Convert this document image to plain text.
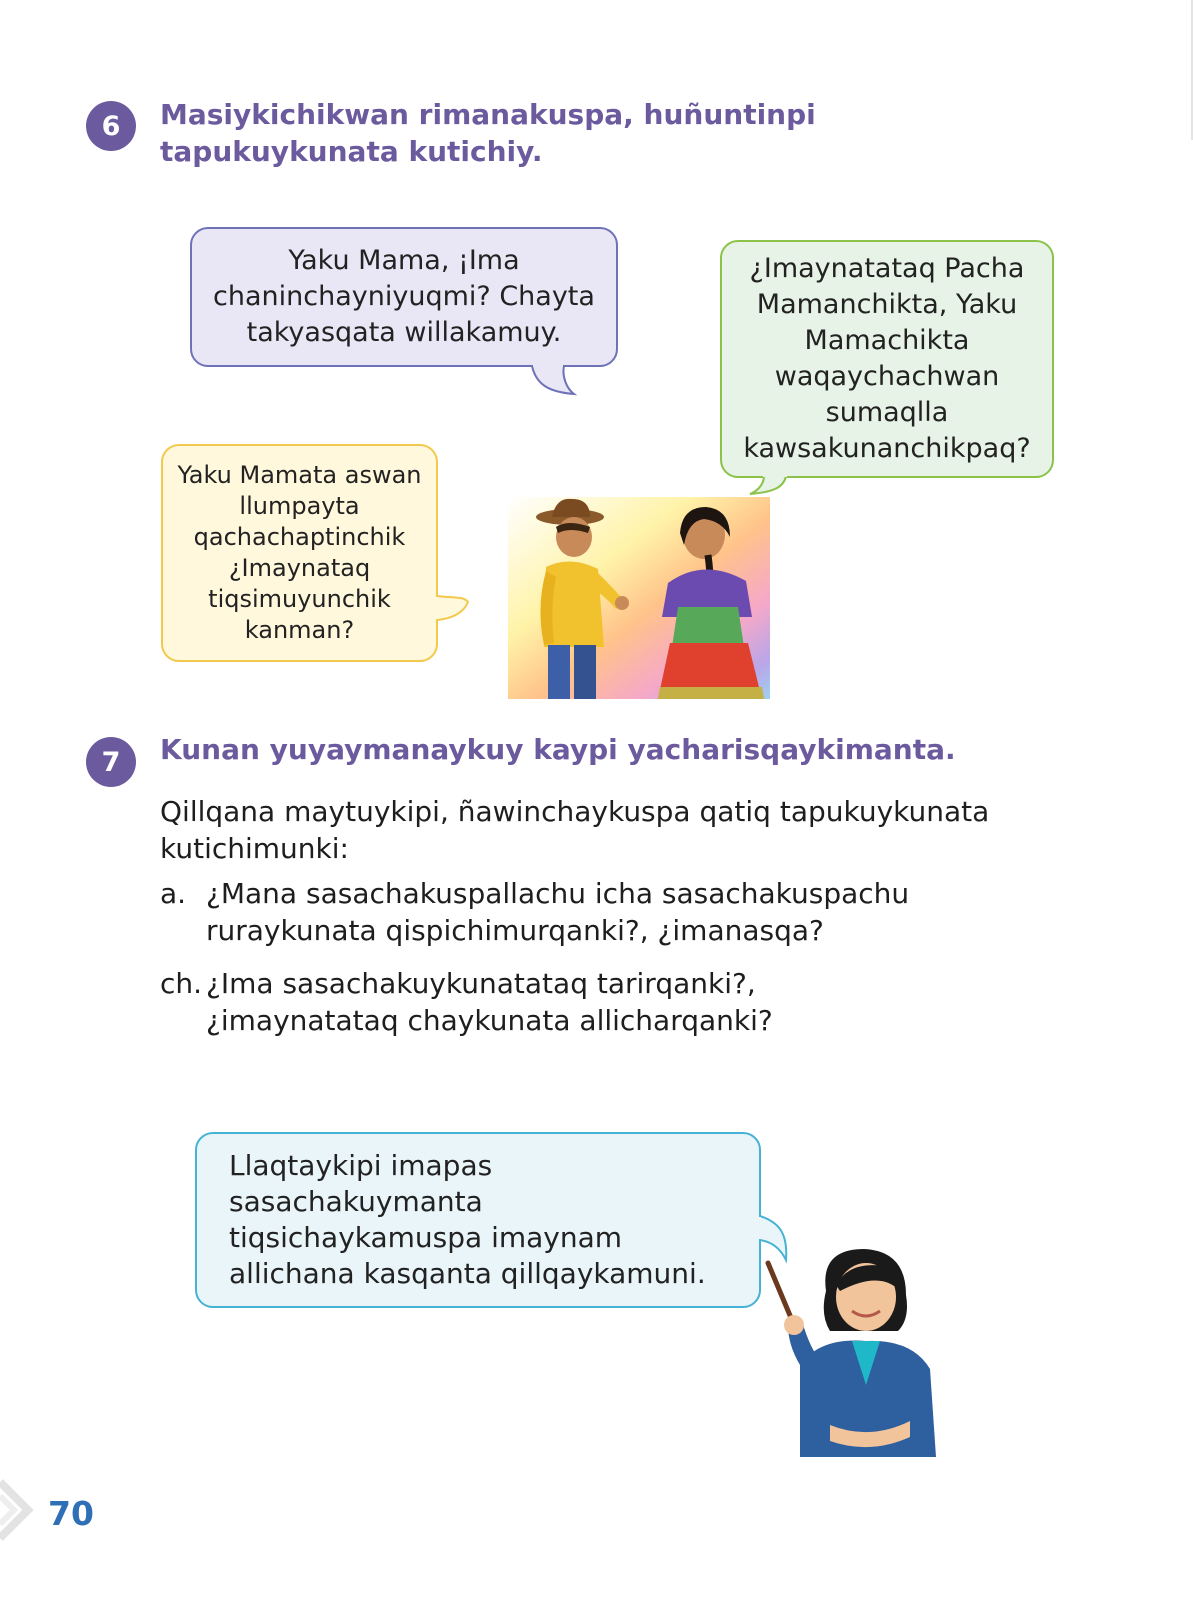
6 Masiykichikwan rimanakuspa, huñuntinpi tapukuykunata kutichiy.
Yaku Mama, ¡Ima chaninchayniyuqmi? Chayta takyasqata willakamuy.
¿Imaynatataq Pacha Mamanchikta, Yaku Mamachikta waqaychachwan sumaqlla kawsakunanchikpaq?
Yaku Mamata aswan llumpayta qachachaptinchik ¿Imaynataq tiqsimuyunchik kanman?
7 Kunan yuyaymanaykuy kaypi yacharisqaykimanta.
Qillqana maytuykipi, ñawinchaykuspa qatiq tapukuykunata kutichimunki:
a. ¿Mana sasachakuspallachu icha sasachakuspachu ruraykunata qispichimurqanki?, ¿imanasqa?
ch. ¿Ima sasachakuykunatataq tarirqanki?, ¿imaynatataq chaykunata allicharqanki?
Llaqtaykipi imapas sasachakuymanta tiqsichaykamuspa imaynam allichana kasqanta qillqaykamuni.
70
